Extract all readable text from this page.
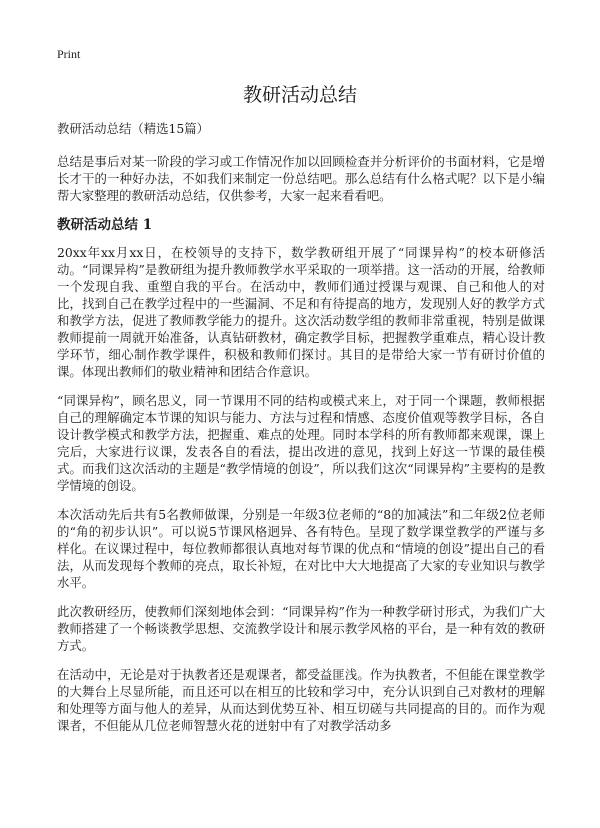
Print
教研活动总结

教研活动总结（精选15篇）

总结是事后对某一阶段的学习或工作情况作加以回顾检查并分析评价的书面材料，它是增长才干的一种好办法，不如我们来制定一份总结吧。那么总结有什么格式呢？以下是小编帮大家整理的教研活动总结，仅供参考，大家一起来看看吧。

教研活动总结 1

20xx年xx月xx日，在校领导的支持下，数学教研组开展了“同课异构”的校本研修活动。“同课异构”是教研组为提升教师教学水平采取的一项举措。这一活动的开展，给教师一个发现自我、重塑自我的平台。在活动中，教师们通过授课与观课、自己和他人的对比，找到自己在教学过程中的一些漏洞、不足和有待提高的地方，发现别人好的教学方式和教学方法，促进了教师教学能力的提升。这次活动数学组的教师非常重视，特别是做课教师提前一周就开始准备，认真钻研教材，确定教学目标，把握教学重难点，精心设计教学环节，细心制作教学课件，积极和教师们探讨。其目的是带给大家一节有研讨价值的课。体现出教师们的敬业精神和团结合作意识。

“同课异构”，顾名思义，同一节课用不同的结构或模式来上，对于同一个课题，教师根据自己的理解确定本节课的知识与能力、方法与过程和情感、态度价值观等教学目标，各自设计教学模式和教学方法，把握重、难点的处理。同时本学科的所有教师都来观课，课上完后，大家进行议课，发表各自的看法，提出改进的意见，找到上好这一节课的最佳模式。而我们这次活动的主题是“教学情境的创设”，所以我们这次“同课异构”主要构的是教学情境的创设。

本次活动先后共有5名教师做课，分别是一年级3位老师的“8的加减法”和二年级2位老师的“角的初步认识”。可以说5节课风格迥异、各有特色。呈现了数学课堂教学的严谨与多样化。在议课过程中，每位教师都很认真地对每节课的优点和“情境的创设”提出自己的看法，从而发现每个教师的亮点，取长补短，在对比中大大地提高了大家的专业知识与教学水平。

此次教研经历，使教师们深刻地体会到：“同课异构”作为一种教学研讨形式，为我们广大教师搭建了一个畅谈教学思想、交流教学设计和展示教学风格的平台，是一种有效的教研方式。

在活动中，无论是对于执教者还是观课者，都受益匪浅。作为执教者，不但能在课堂教学的大舞台上尽显所能，而且还可以在相互的比较和学习中，充分认识到自己对教材的理解和处理等方面与他人的差异，从而达到优势互补、相互切磋与共同提高的目的。而作为观课者，不但能从几位老师智慧火花的迸射中有了对教学活动多
